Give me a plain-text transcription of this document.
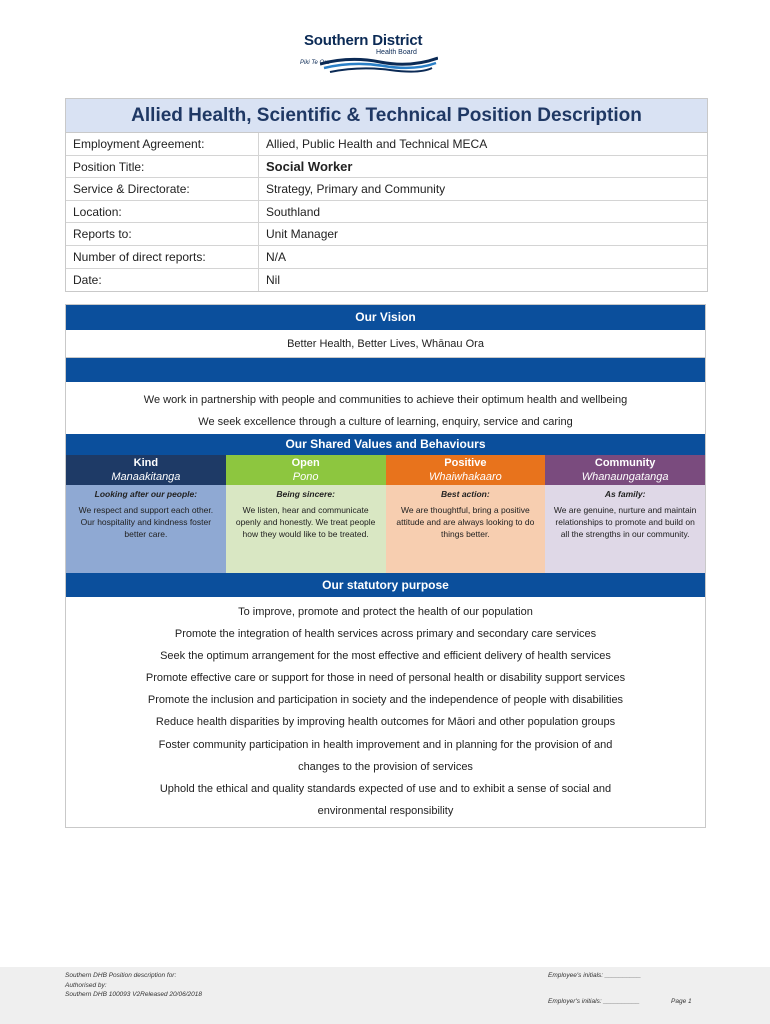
Southern District
Health Board
Piki Te Ora
Allied Health, Scientific & Technical Position Description
Employment Agreement:	Allied, Public Health and Technical MECA
Position Title:	Social Worker
Service & Directorate:	Strategy, Primary and Community
Location:	Southland
Reports to:	Unit Manager
Number of direct reports:	N/A
Date:	Nil
Our Vision
Better Health, Better Lives, Whānau Ora
We work in partnership with people and communities to achieve their optimum health and wellbeing
We seek excellence through a culture of learning, enquiry, service and caring
Our Shared Values and Behaviours
Kind
Manaakitanga
Looking after our people:
We respect and support each other. Our hospitality and kindness foster better care.
Open
Pono
Being sincere:
We listen, hear and communicate openly and honestly. We treat people how they would like to be treated.
Positive
Whaiwhakaaro
Best action:
We are thoughtful, bring a positive attitude and are always looking to do things better.
Community
Whanaungatanga
As family:
We are genuine, nurture and maintain relationships to promote and build on all the strengths in our community.
Our statutory purpose
To improve, promote and protect the health of our population
Promote the integration of health services across primary and secondary care services
Seek the optimum arrangement for the most effective and efficient delivery of health services
Promote effective care or support for those in need of personal health or disability support services
Promote the inclusion and participation in society and the independence of people with disabilities
Reduce health disparities by improving health outcomes for Māori and other population groups
Foster community participation in health improvement and in planning for the provision of and
changes to the provision of services
Uphold the ethical and quality standards expected of use and to exhibit a sense of social and
environmental responsibility
Southern DHB Position description for:
Authorised by:
Southern DHB 100093 V2Released 20/06/2018
Employee's initials: __________
Employer's initials: __________	Page 1
